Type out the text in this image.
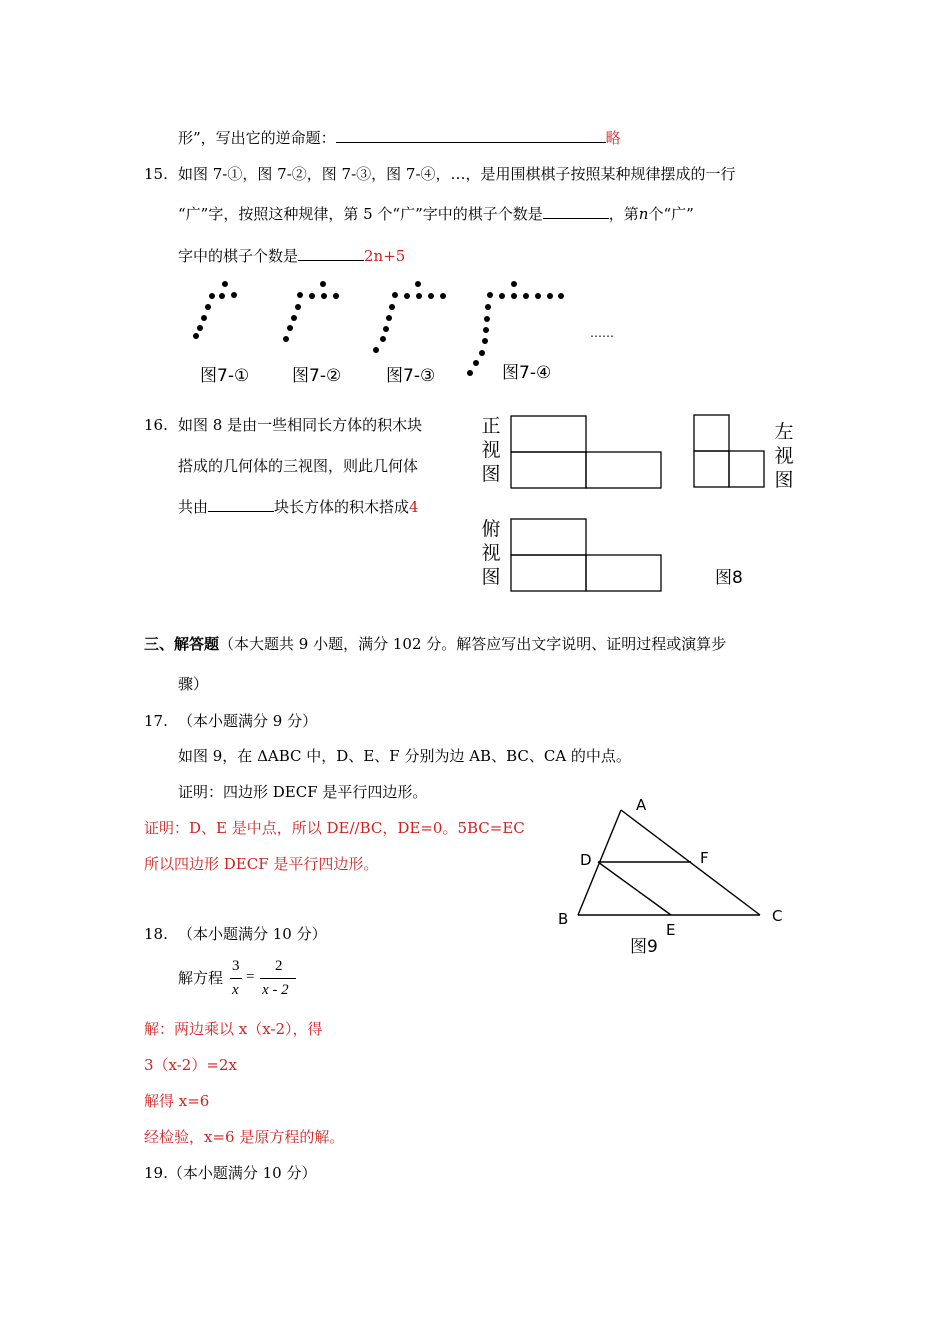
形”，写出它的逆命题：	略
15. 如图 7-①，图 7-②，图 7-③，图 7-④，…，是用围棋棋子按照某种规律摆成的一行
“广”字，按照这种规律，第 5 个“广”字中的棋子个数是	，第n个“广”
字中的棋子个数是	2n+5
……
图7-①	图7-②	图7-③	图7-④
16. 如图 8 是由一些相同长方体的积木块
搭成的几何体的三视图，则此几何体
共由	块长方体的积木搭成4
正
视
图
左
视
图
俯
视
图	图8
三、解答题（本大题共 9 小题，满分 102 分。解答应写出文字说明、证明过程或演算步
骤）
17. （本小题满分 9 分）
如图 9，在 ΔABC 中，D、E、F 分别为边 AB、BC、CA 的中点。
证明：四边形 DECF 是平行四边形。
证明：D、E 是中点，所以 DE//BC，DE=0。5BC=EC
所以四边形 DECF 是平行四边形。
A
D	F
B
E
C
图9
18. （本小题满分 10 分）
解方程
3
x
=
2
x - 2
解：两边乘以 x（x-2），得
3（x-2）=2x
解得 x=6
经检验，x=6 是原方程的解。
19.（本小题满分 10 分）
